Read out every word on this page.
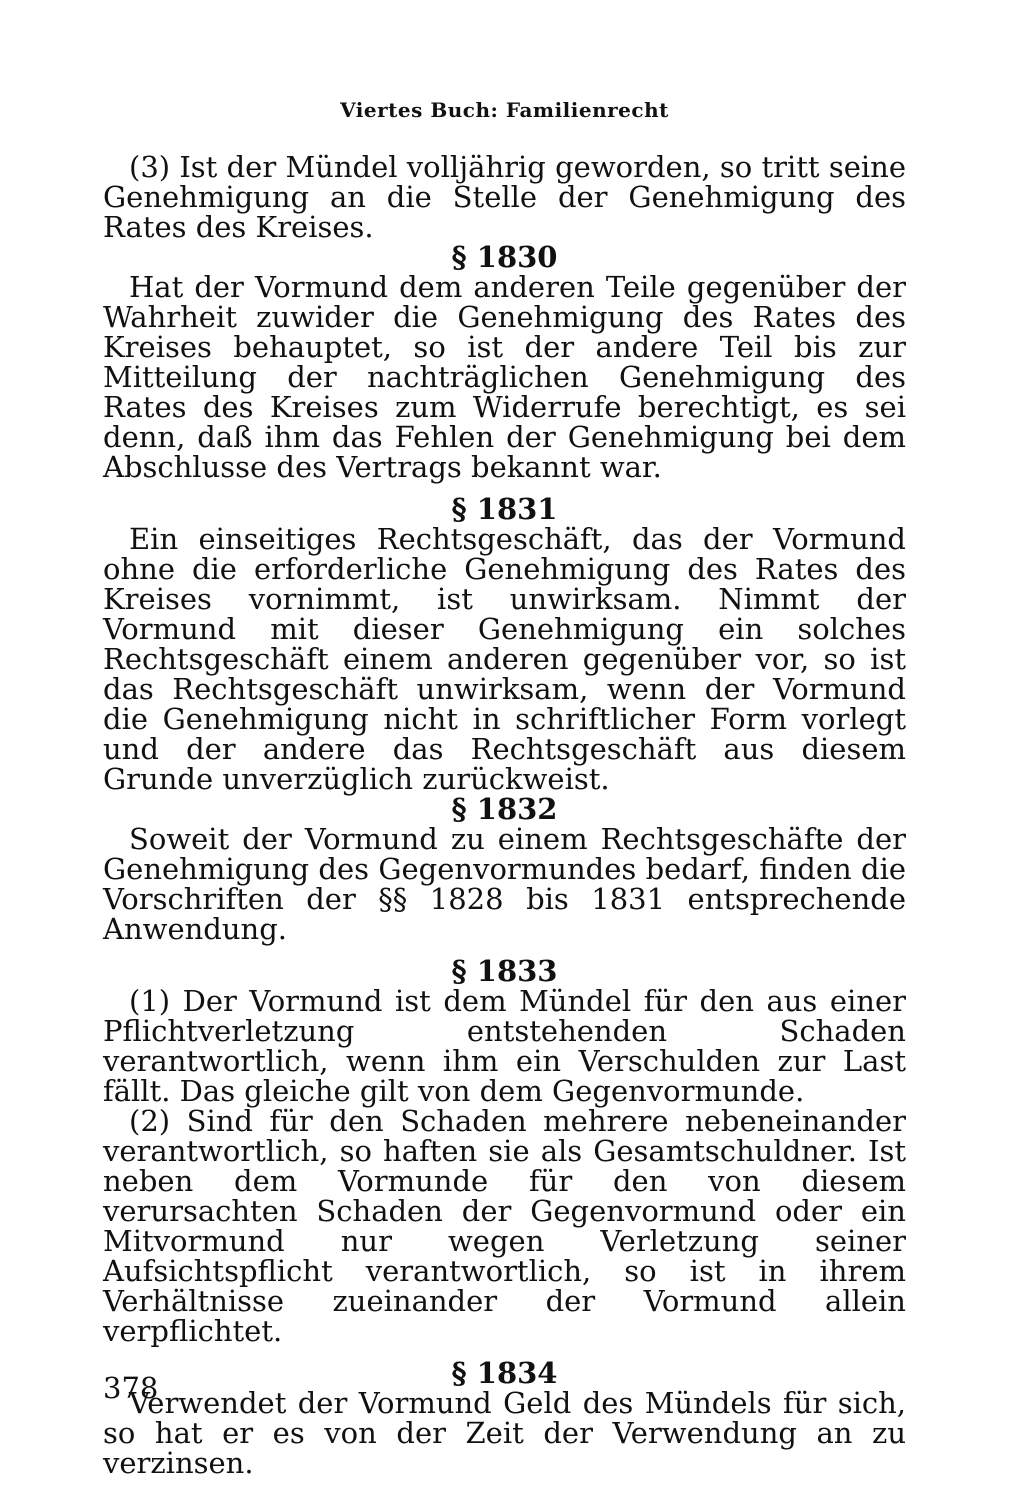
Viertes Buch: Familienrecht

(3) Ist der Mündel volljährig geworden, so tritt seine Genehmigung an die Stelle der Genehmigung des Rates des Kreises.

§ 1830

Hat der Vormund dem anderen Teile gegenüber der Wahrheit zuwider die Genehmigung des Rates des Kreises behauptet, so ist der andere Teil bis zur Mitteilung der nachträglichen Genehmigung des Rates des Kreises zum Widerrufe berechtigt, es sei denn, daß ihm das Fehlen der Genehmigung bei dem Abschlusse des Vertrags bekannt war.

§ 1831

Ein einseitiges Rechtsgeschäft, das der Vormund ohne die erforderliche Genehmigung des Rates des Kreises vornimmt, ist unwirksam. Nimmt der Vormund mit dieser Genehmigung ein solches Rechtsgeschäft einem anderen gegenüber vor, so ist das Rechtsgeschäft unwirksam, wenn der Vormund die Genehmigung nicht in schriftlicher Form vorlegt und der andere das Rechtsgeschäft aus diesem Grunde unverzüglich zurückweist.

§ 1832

Soweit der Vormund zu einem Rechtsgeschäfte der Genehmigung des Gegenvormundes bedarf, finden die Vorschriften der §§ 1828 bis 1831 entsprechende Anwendung.

§ 1833

(1) Der Vormund ist dem Mündel für den aus einer Pflichtverletzung entstehenden Schaden verantwortlich, wenn ihm ein Verschulden zur Last fällt. Das gleiche gilt von dem Gegenvormunde.

(2) Sind für den Schaden mehrere nebeneinander verantwortlich, so haften sie als Gesamtschuldner. Ist neben dem Vormunde für den von diesem verursachten Schaden der Gegenvormund oder ein Mitvormund nur wegen Verletzung seiner Aufsichtspflicht verantwortlich, so ist in ihrem Verhältnisse zueinander der Vormund allein verpflichtet.

§ 1834

Verwendet der Vormund Geld des Mündels für sich, so hat er es von der Zeit der Verwendung an zu verzinsen.

378
